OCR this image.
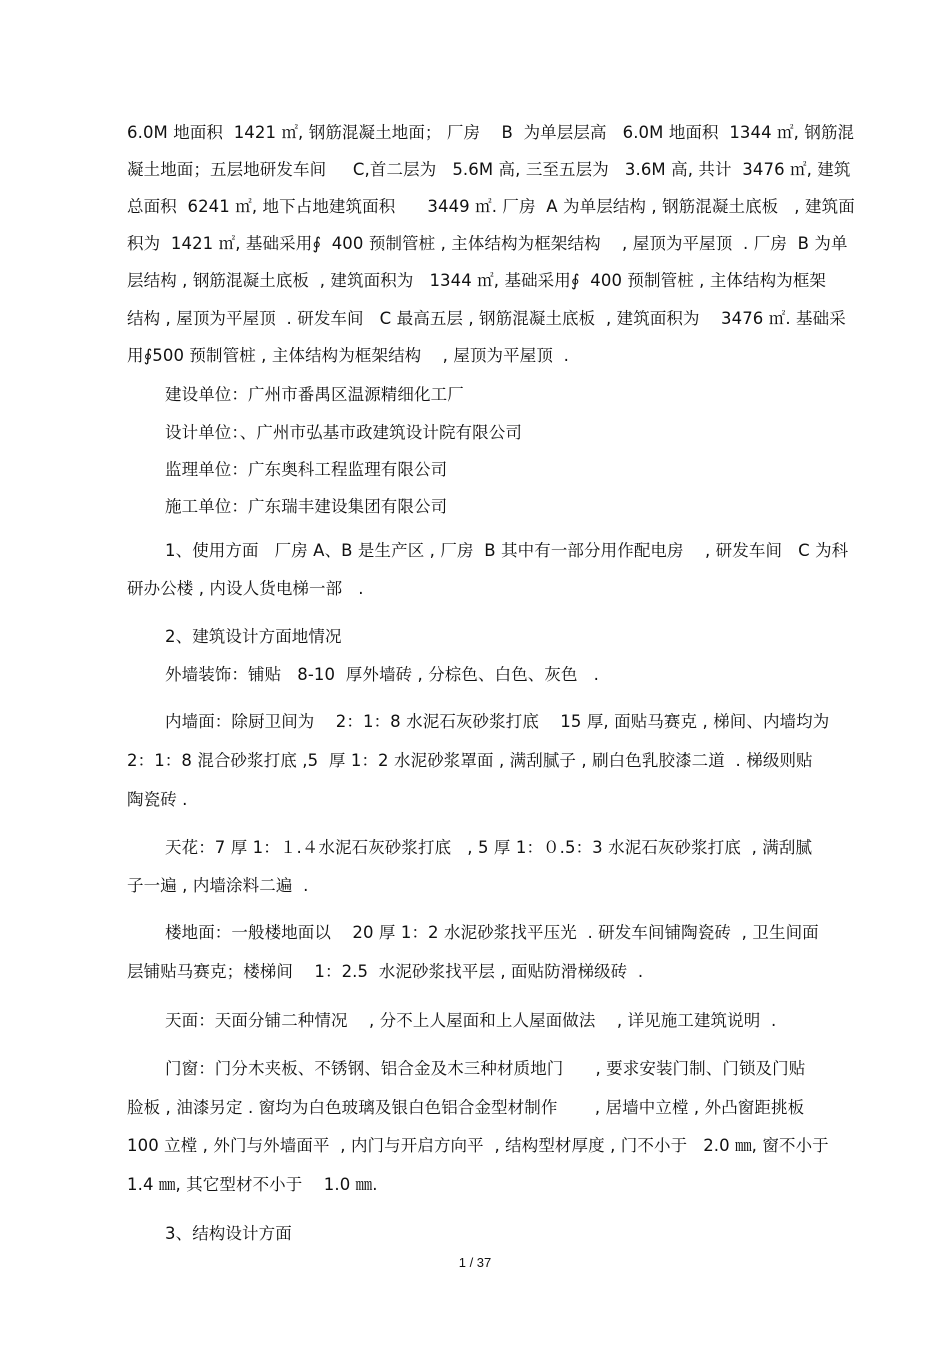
6.0M 地面积  1421 ㎡, 钢筋混凝土地面； 厂房    B  为单层层高   6.0M 地面积  1344 ㎡, 钢筋混
凝土地面；五层地研发车间     C,首二层为   5.6M 高, 三至五层为   3.6M 高, 共计  3476 ㎡, 建筑
总面积  6241 ㎡, 地下占地建筑面积      3449 ㎡. 厂房  A 为单层结构 , 钢筋混凝土底板   , 建筑面
积为  1421 ㎡, 基础采用∮  400 预制管桩 , 主体结构为框架结构    , 屋顶为平屋顶  . 厂房  B 为单
层结构 , 钢筋混凝土底板  , 建筑面积为   1344 ㎡, 基础采用∮  400 预制管桩 , 主体结构为框架
结构 , 屋顶为平屋顶  . 研发车间   C 最高五层 , 钢筋混凝土底板  , 建筑面积为    3476 ㎡. 基础采
用∮500 预制管桩 , 主体结构为框架结构    , 屋顶为平屋顶  .
建设单位：广州市番禺区温源精细化工厂
设计单位：、广州市弘基市政建筑设计院有限公司
监理单位：广东奥科工程监理有限公司
施工单位：广东瑞丰建设集团有限公司
1、使用方面   厂房 A、B 是生产区 , 厂房  B 其中有一部分用作配电房    , 研发车间   C 为科
研办公楼 , 内设人货电梯一部   .
2、建筑设计方面地情况
外墙装饰：铺贴   8-10  厚外墙砖 , 分棕色、白色、灰色   .
内墙面：除厨卫间为    2：1：8 水泥石灰砂浆打底    15 厚, 面贴马赛克 , 梯间、内墙均为
2：1：8 混合砂浆打底 ,5  厚 1：2 水泥砂浆罩面 , 满刮腻子 , 刷白色乳胶漆二道  . 梯级则贴
陶瓷砖 .
天花：7 厚 1：１.４水泥石灰砂浆打底   , 5 厚 1：０.5：3 水泥石灰砂浆打底  , 满刮腻
子一遍 , 内墙涂料二遍  .
楼地面：一般楼地面以    20 厚 1：2 水泥砂浆找平压光  . 研发车间铺陶瓷砖  , 卫生间面
层铺贴马赛克；楼梯间    1：2.5  水泥砂浆找平层 , 面贴防滑梯级砖  .
天面：天面分铺二种情况    , 分不上人屋面和上人屋面做法    , 详见施工建筑说明  .
门窗：门分木夹板、不锈钢、铝合金及木三种材质地门      , 要求安装门制、门锁及门贴
脸板 , 油漆另定 . 窗均为白色玻璃及银白色铝合金型材制作       , 居墙中立樘 , 外凸窗距挑板
100 立樘 , 外门与外墙面平  , 内门与开启方向平  , 结构型材厚度 , 门不小于   2.0 ㎜, 窗不小于
1.4 ㎜, 其它型材不小于    1.0 ㎜.
3、结构设计方面
1 / 37
